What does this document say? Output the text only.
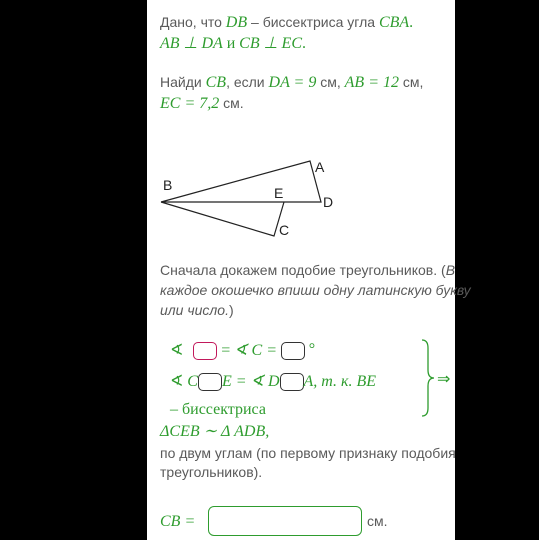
Дано, что DB – биссектриса угла CBA.
AB ⊥ DA и CB ⊥ EC.
Найди CB, если DA = 9 см, AB = 12 см,
EC = 7,2 см.
B
A
E
D
C
Сначала докажем подобие треугольников. (В
каждое окошечко впиши одну латинскую букву
или число.)
∢ = ∢ C = °
∢ C E = ∢ D A, т. к. BE	⇒
– биссектриса
ΔCEB ∼ Δ ADB,
по двум углам (по первому признаку подобия
треугольников).
CB =	см.
